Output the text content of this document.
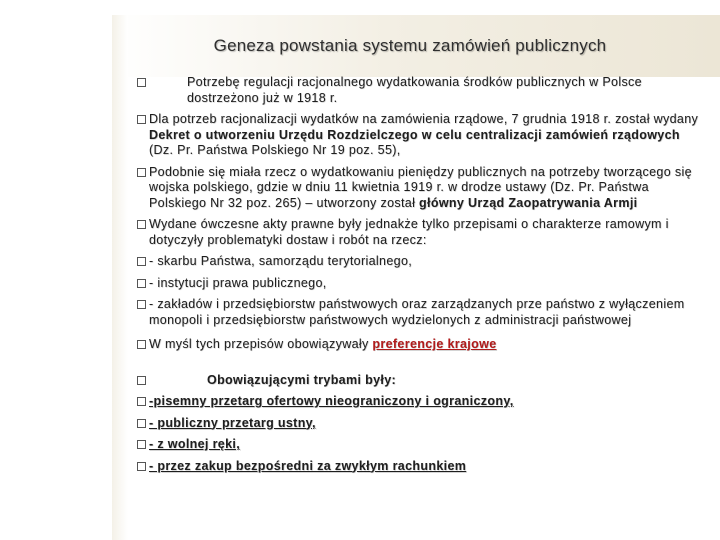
Geneza powstania systemu zamówień publicznych
Potrzebę regulacji racjonalnego wydatkowania środków publicznych w Polsce dostrzeżono już w 1918 r.
Dla potrzeb racjonalizacji wydatków na zamówienia rządowe, 7 grudnia 1918 r. został wydany Dekret o utworzeniu Urzędu Rozdzielczego w celu centralizacji zamówień rządowych (Dz. Pr. Państwa Polskiego Nr 19 poz. 55),
Podobnie się miała rzecz o wydatkowaniu pieniędzy publicznych na potrzeby tworzącego się wojska polskiego, gdzie w dniu 11 kwietnia 1919 r. w drodze ustawy (Dz. Pr. Państwa Polskiego Nr 32 poz. 265) – utworzony został główny Urząd Zaopatrywania Armji
Wydane ówczesne akty prawne były jednakże tylko przepisami o charakterze ramowym i dotyczyły problematyki dostaw i robót na rzecz:
- skarbu Państwa, samorządu terytorialnego,
- instytucji prawa publicznego,
- zakładów i przedsiębiorstw państwowych oraz zarządzanych prze państwo z wyłączeniem monopoli i przedsiębiorstw państwowych wydzielonych z administracji państwowej
W myśl tych przepisów obowiązywały preferencje krajowe
Obowiązującymi trybami były:
-pisemny przetarg ofertowy nieograniczony i ograniczony,
- publiczny przetarg ustny,
- z wolnej ręki,
- przez zakup bezpośredni za zwykłym rachunkiem
